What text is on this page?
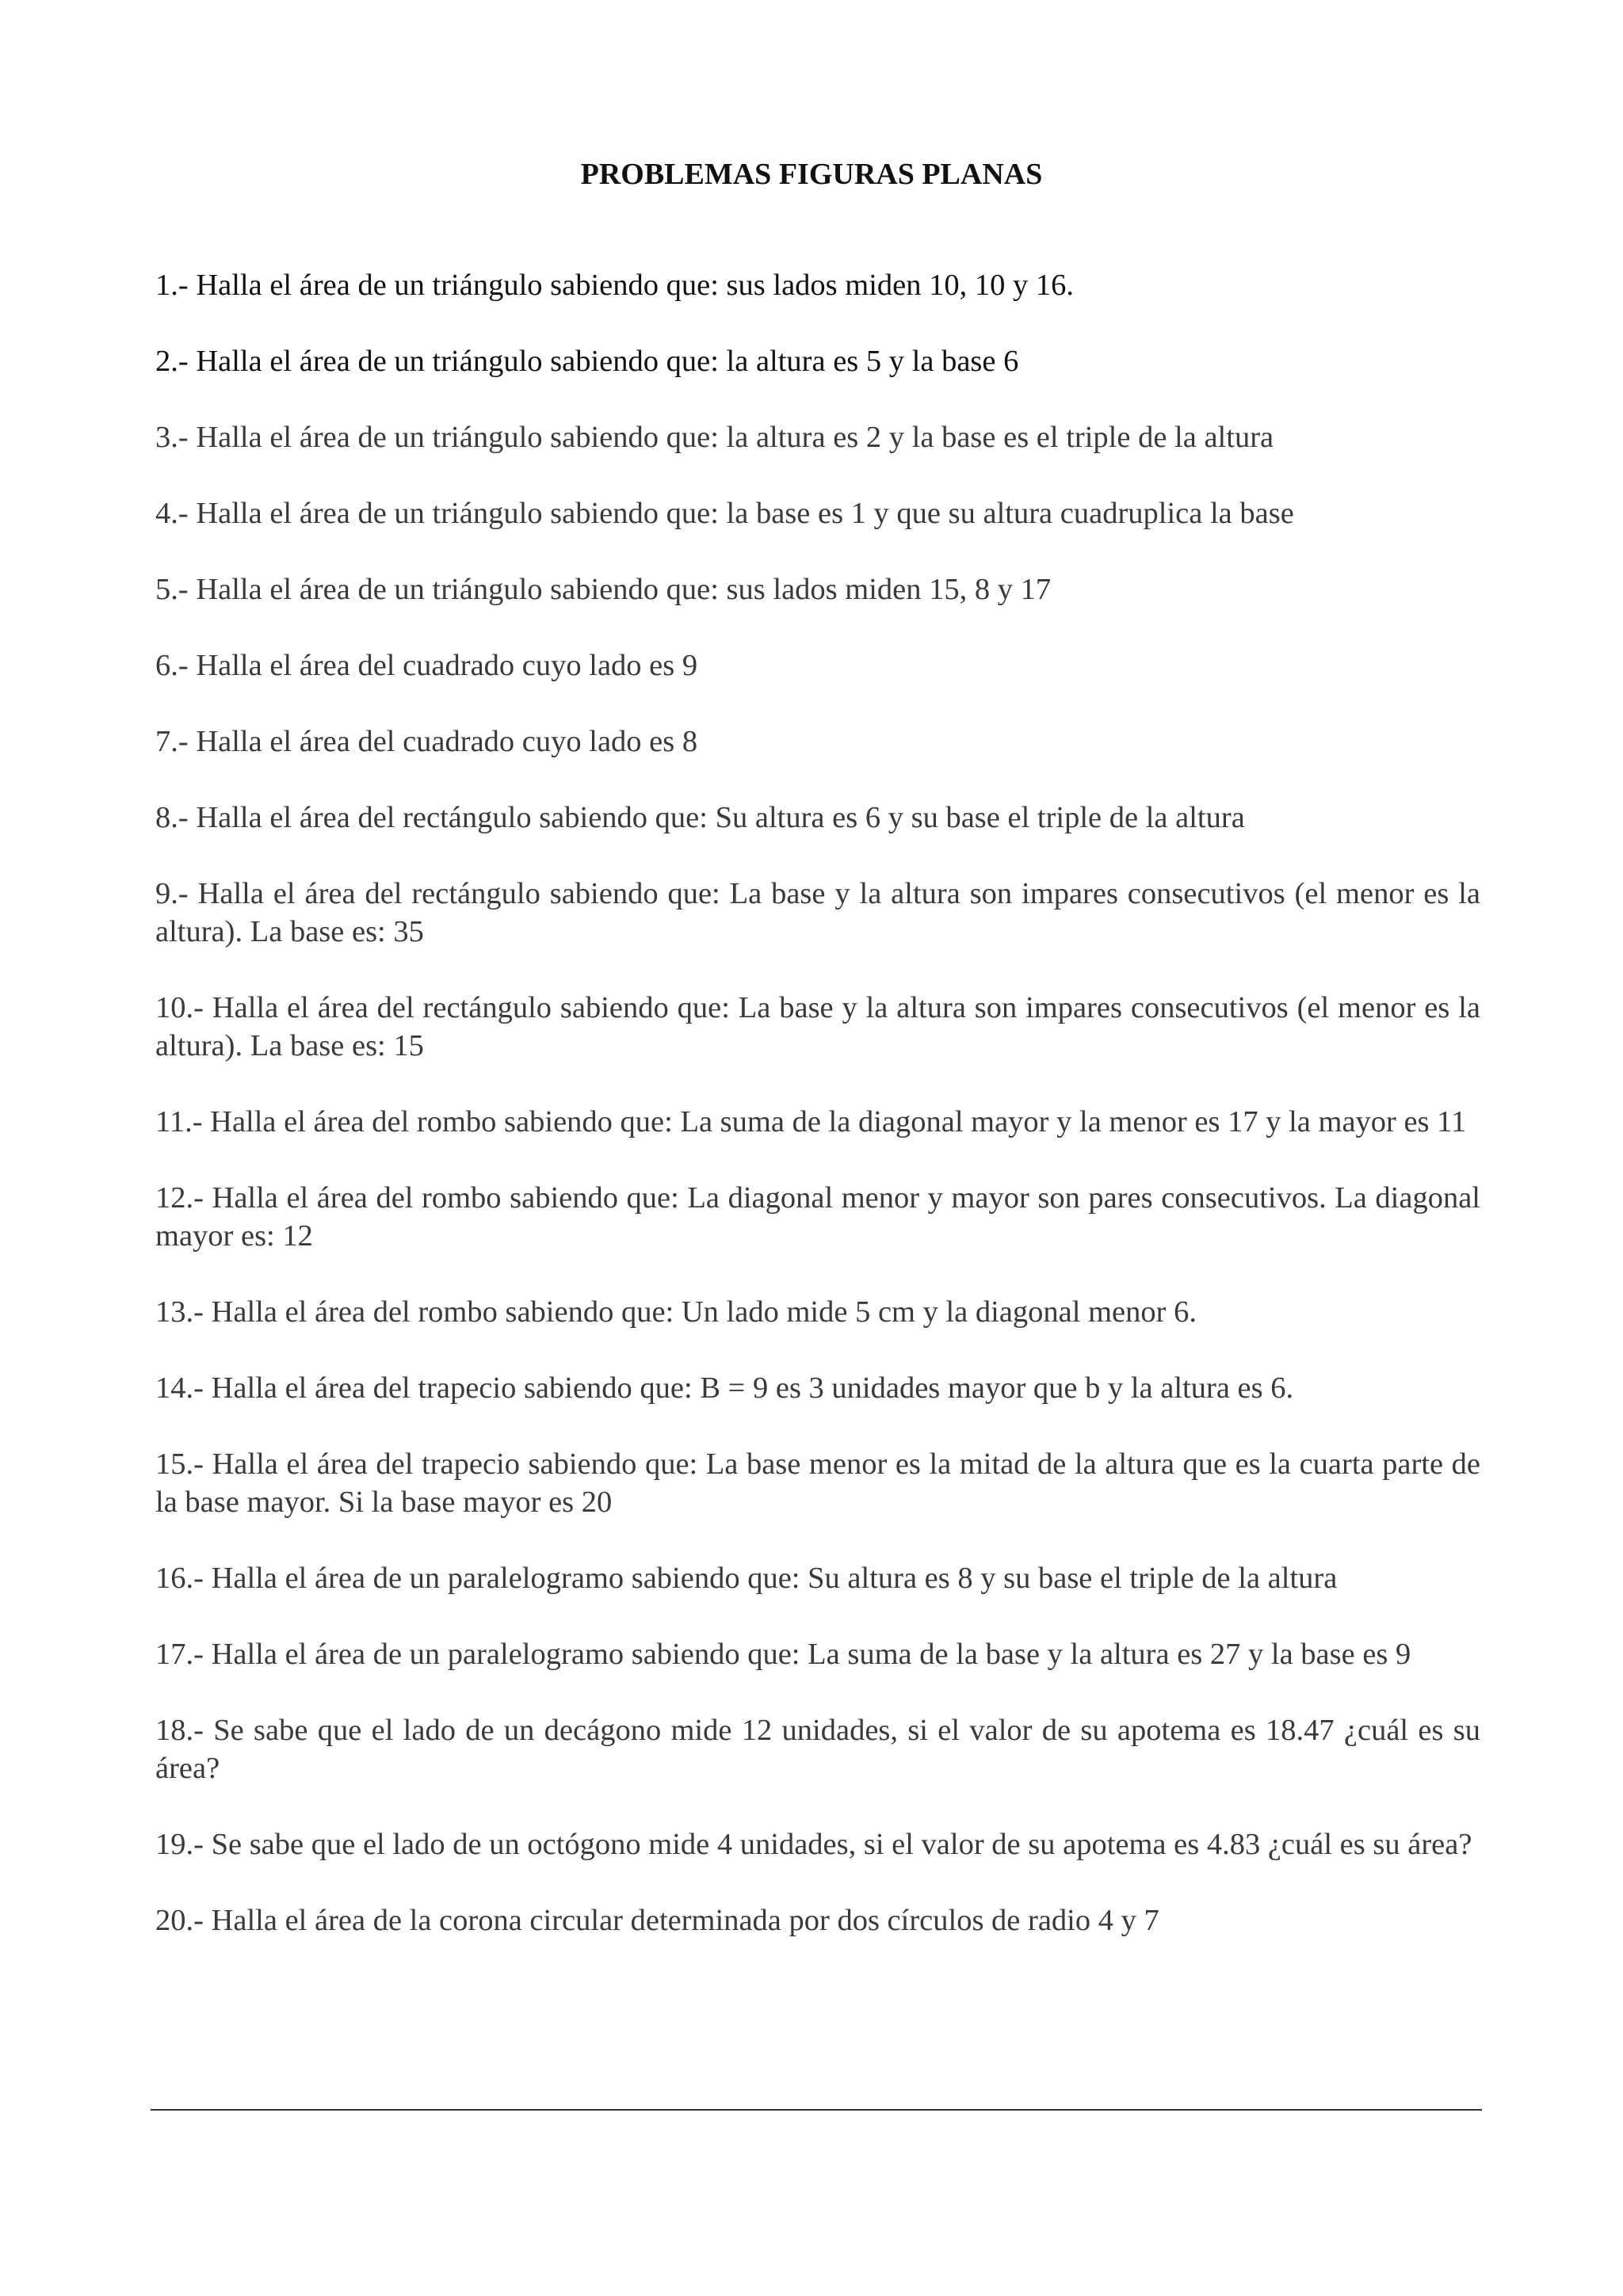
PROBLEMAS FIGURAS PLANAS
1.- Halla el área de un triángulo sabiendo que: sus lados miden 10, 10 y 16.
2.- Halla el área de un triángulo sabiendo que: la altura es 5 y la base 6
3.- Halla el área de un triángulo sabiendo que: la altura es 2 y la base es el triple de la altura
4.- Halla el área de un triángulo sabiendo que: la base es 1 y que su altura cuadruplica la base
5.- Halla el área de un triángulo sabiendo que: sus lados miden 15, 8 y 17
6.- Halla el área del cuadrado cuyo lado es 9
7.- Halla el área del cuadrado cuyo lado es 8
8.- Halla el área del rectángulo sabiendo que: Su altura es 6 y su base el triple de la altura
9.- Halla el área del rectángulo sabiendo que: La base y la altura son impares consecutivos (el menor es la altura). La base es: 35
10.- Halla el área del rectángulo sabiendo que: La base y la altura son impares consecutivos (el menor es la altura). La base es: 15
11.- Halla el área del rombo sabiendo que: La suma de la diagonal mayor y la menor es 17 y la mayor es 11
12.- Halla el área del rombo sabiendo que: La diagonal menor y mayor son pares consecutivos. La diagonal mayor es: 12
13.- Halla el área del rombo sabiendo que: Un lado mide 5 cm y la diagonal menor 6.
14.- Halla el área del trapecio sabiendo que: B = 9 es 3 unidades mayor que b y la altura es 6.
15.- Halla el área del trapecio sabiendo que: La base menor es la mitad de la altura que es la cuarta parte de la base mayor. Si la base mayor es 20
16.- Halla el área de un paralelogramo sabiendo que: Su altura es 8 y su base el triple de la altura
17.- Halla el área de un paralelogramo sabiendo que: La suma de la base y la altura es 27 y la base es 9
18.- Se sabe que el lado de un decágono mide 12 unidades, si el valor de su apotema es 18.47 ¿cuál es su área?
19.- Se sabe que el lado de un octógono mide 4 unidades, si el valor de su apotema es 4.83 ¿cuál es su área?
20.- Halla el área de la corona circular determinada por dos círculos de radio 4 y 7
